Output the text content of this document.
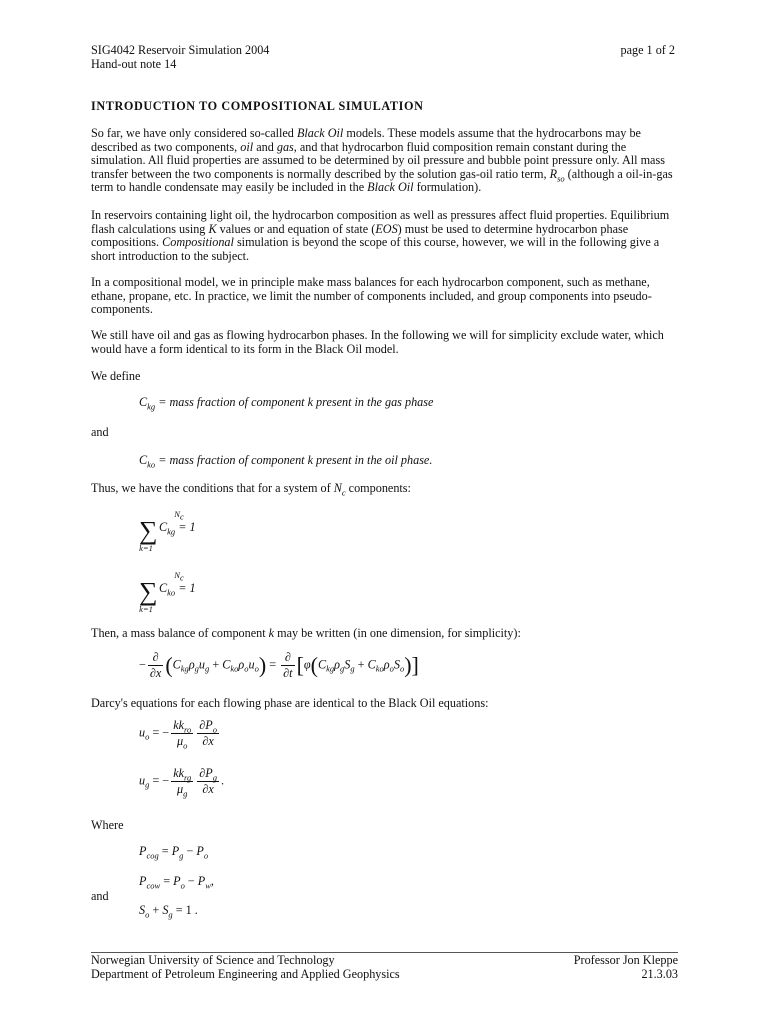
SIG4042 Reservoir Simulation 2004
Hand-out note 14
page 1 of 2
INTRODUCTION TO COMPOSITIONAL SIMULATION
So far, we have only considered so-called Black Oil models. These models assume that the hydrocarbons may be described as two components, oil and gas, and that hydrocarbon fluid composition remain constant during the simulation. All fluid properties are assumed to be determined by oil pressure and bubble point pressure only. All mass transfer between the two components is normally described by the solution gas-oil ratio term, $R_{so}$ (although a oil-in-gas term to handle condensate may easily be included in the Black Oil formulation).
In reservoirs containing light oil, the hydrocarbon composition as well as pressures affect fluid properties. Equilibrium flash calculations using K values or and equation of state (EOS) must be used to determine hydrocarbon phase compositions. Compositional simulation is beyond the scope of this course, however, we will in the following give a short introduction to the subject.
In a compositional model, we in principle make mass balances for each hydrocarbon component, such as methane, ethane, propane, etc. In practice, we limit the number of components included, and group components into pseudo-components.
We still have oil and gas as flowing hydrocarbon phases. In the following we will for simplicity exclude water, which would have a form identical to its form in the Black Oil model.
We define
$C_{kg}$ = mass fraction of component k present in the gas phase
and
$C_{ko}$ = mass fraction of component k present in the oil phase.
Thus, we have the conditions that for a system of $N_c$ components:
$N_c$
∑
k=1
$C_{kg} = 1$
$N_c$
∑
k=1
$C_{ko} = 1$
Then, a mass balance of component k may be written (in one dimension, for simplicity):
− $\frac{\partial}{\partial x} (C_{kg}\rho_gu_g + C_{ko}\rho_ou_o) = \frac{\partial}{\partial t} [\varphi(C_{kg}\rho_gS_g + C_{ko}\rho_oS_o)]$
Darcy's equations for each flowing phase are identical to the Black Oil equations:
$u_o$ = − $\frac{kk_{ro}}{\mu_o} \frac{\partial P_o}{\partial x}$
$u_g$ = − $\frac{kk_{rg}}{\mu_g} \frac{\partial P_g}{\partial x}$ .
Where
$P_{cog} = P_g - P_o$
$P_{cow} = P_o - P_w$,
and
$S_o + S_g = 1$ .
Norwegian University of Science and Technology
Department of Petroleum Engineering and Applied Geophysics
Professor Jon Kleppe
21.3.03
